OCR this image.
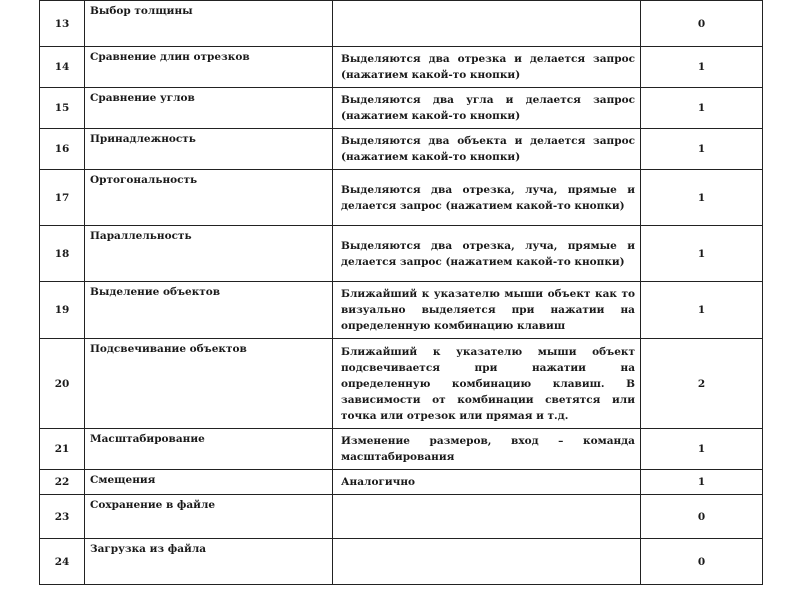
13	Выбор толщины		0
14	Сравнение длин отрезков	Выделяются два отрезка и делается запрос (нажатием какой-то кнопки)	1
15	Сравнение углов	Выделяются два угла и делается запрос (нажатием какой-то кнопки)	1
16	Принадлежность	Выделяются два объекта и делается запрос (нажатием какой-то кнопки)	1
17	Ортогональность	Выделяются два отрезка, луча, прямые и делается запрос (нажатием какой-то кнопки)	1
18	Параллельность	Выделяются два отрезка, луча, прямые и делается запрос (нажатием какой-то кнопки)	1
19	Выделение объектов	Ближайший к указателю мыши объект как то визуально выделяется при нажатии на определенную комбинацию клавиш	1
20	Подсвечивание объектов	Ближайший к указателю мыши объект подсвечивается при нажатии на определенную комбинацию клавиш. В зависимости от комбинации светятся или точка или отрезок или прямая и т.д.	2
21	Масштабирование	Изменение размеров, вход – команда масштабирования	1
22	Смещения	Аналогично	1
23	Сохранение в файле		0
24	Загрузка из файла		0
